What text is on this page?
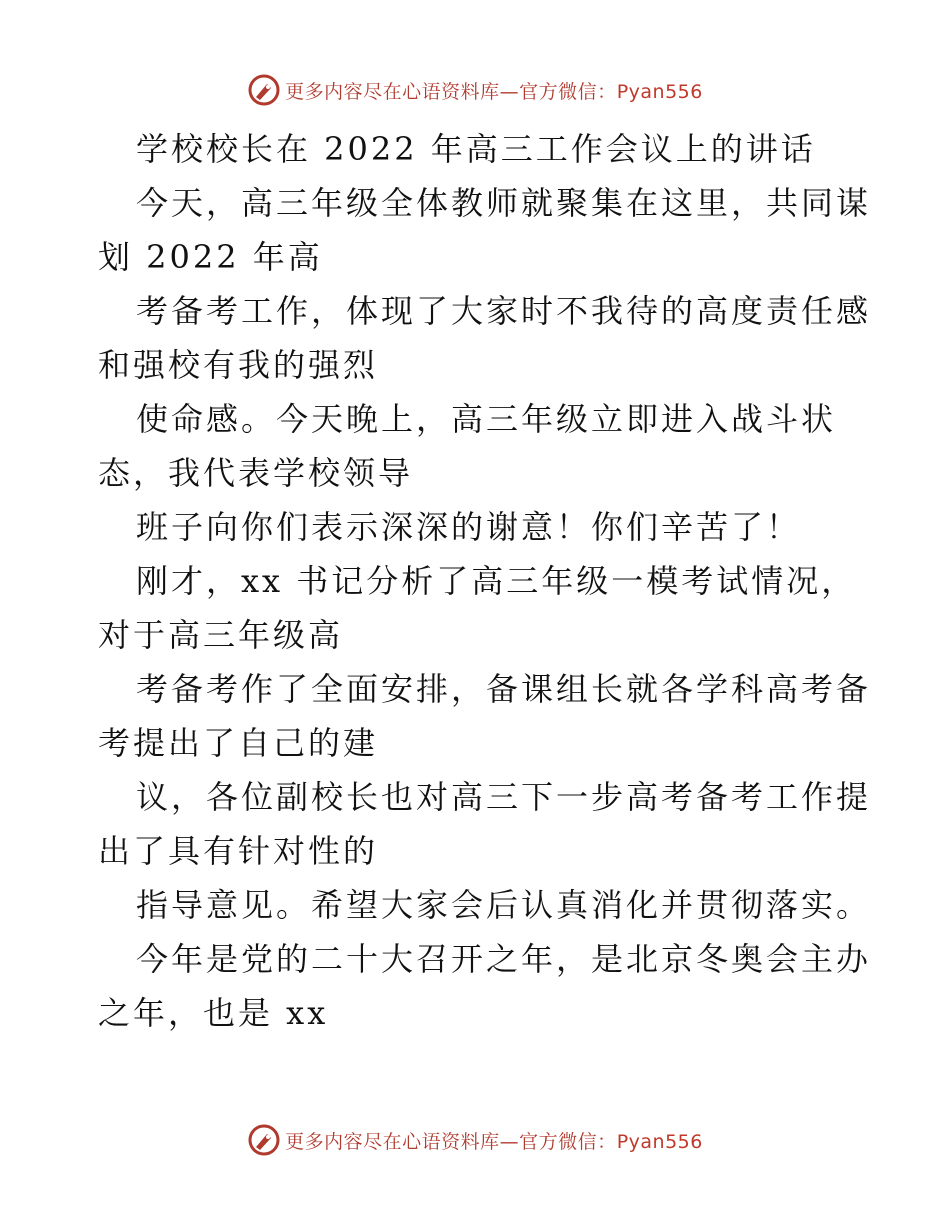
更多内容尽在心语资料库—官方微信：Pyan556
学校校长在 2022 年高三工作会议上的讲话
今天，高三年级全体教师就聚集在这里，共同谋
划 2022 年高
考备考工作，体现了大家时不我待的高度责任感
和强校有我的强烈
使命感。今天晚上，高三年级立即进入战斗状
态，我代表学校领导
班子向你们表示深深的谢意！你们辛苦了！
刚才，xx 书记分析了高三年级一模考试情况，
对于高三年级高
考备考作了全面安排，备课组长就各学科高考备
考提出了自己的建
议，各位副校长也对高三下一步高考备考工作提
出了具有针对性的
指导意见。希望大家会后认真消化并贯彻落实。
今年是党的二十大召开之年，是北京冬奥会主办
之年，也是 xx
更多内容尽在心语资料库—官方微信：Pyan556
